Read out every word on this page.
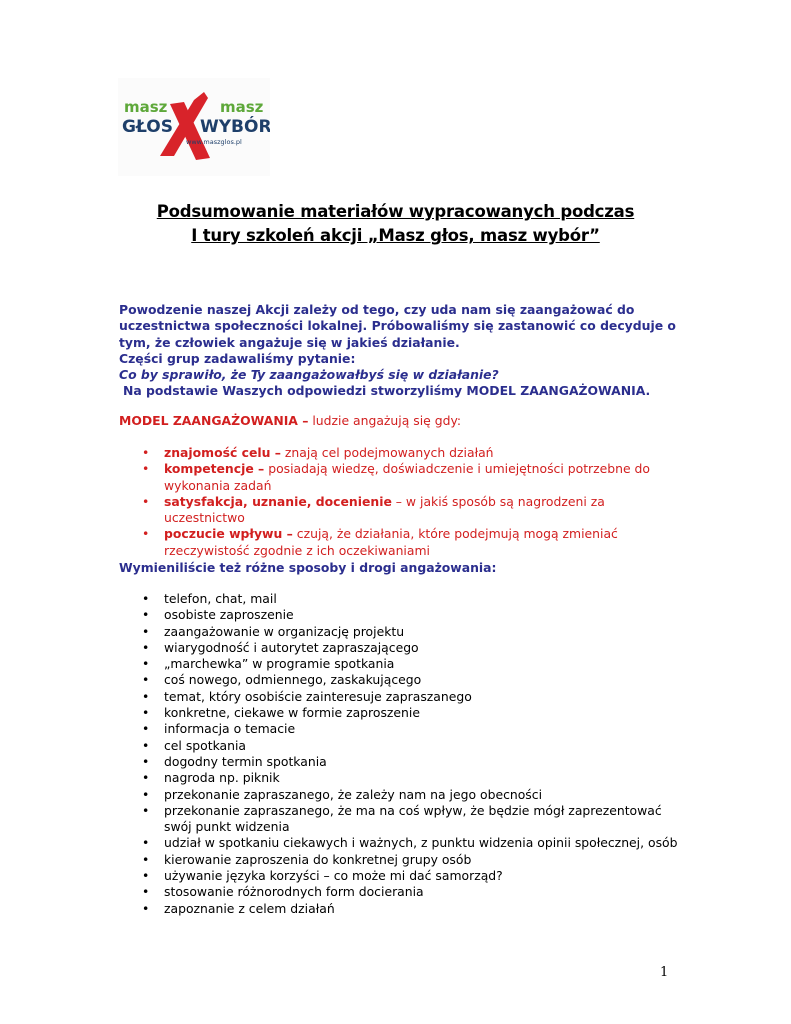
masz	masz
GŁOS WYBÓR
www.maszglos.pl
Podsumowanie materiałów wypracowanych podczas
I tury szkoleń akcji „Masz głos, masz wybór”
Powodzenie naszej Akcji zależy od tego, czy uda nam się zaangażować do
uczestnictwa społeczności lokalnej. Próbowaliśmy się zastanowić co decyduje o
tym, że człowiek angażuje się w jakieś działanie.
Części grup zadawaliśmy pytanie:
Co by sprawiło, że Ty zaangażowałbyś się w działanie?
Na podstawie Waszych odpowiedzi stworzyliśmy MODEL ZAANGAŻOWANIA.
MODEL ZAANGAŻOWANIA – ludzie angażują się gdy:
• znajomość celu – znają cel podejmowanych działań
• kompetencje – posiadają wiedzę, doświadczenie i umiejętności potrzebne do wykonania zadań
• satysfakcja, uznanie, docenienie – w jakiś sposób są nagrodzeni za uczestnictwo
• poczucie wpływu – czują, że działania, które podejmują mogą zmieniać rzeczywistość zgodnie z ich oczekiwaniami
Wymieniliście też różne sposoby i drogi angażowania:
• telefon, chat, mail
• osobiste zaproszenie
• zaangażowanie w organizację projektu
• wiarygodność i autorytet zapraszającego
• „marchewka” w programie spotkania
• coś nowego, odmiennego, zaskakującego
• temat, który osobiście zainteresuje zapraszanego
• konkretne, ciekawe w formie zaproszenie
• informacja o temacie
• cel spotkania
• dogodny termin spotkania
• nagroda np. piknik
• przekonanie zapraszanego, że zależy nam na jego obecności
• przekonanie zapraszanego, że ma na coś wpływ, że będzie mógł zaprezentować swój punkt widzenia
• udział w spotkaniu ciekawych i ważnych, z punktu widzenia opinii społecznej, osób
• kierowanie zaproszenia do konkretnej grupy osób
• używanie języka korzyści – co może mi dać samorząd?
• stosowanie różnorodnych form docierania
• zapoznanie z celem działań
1
